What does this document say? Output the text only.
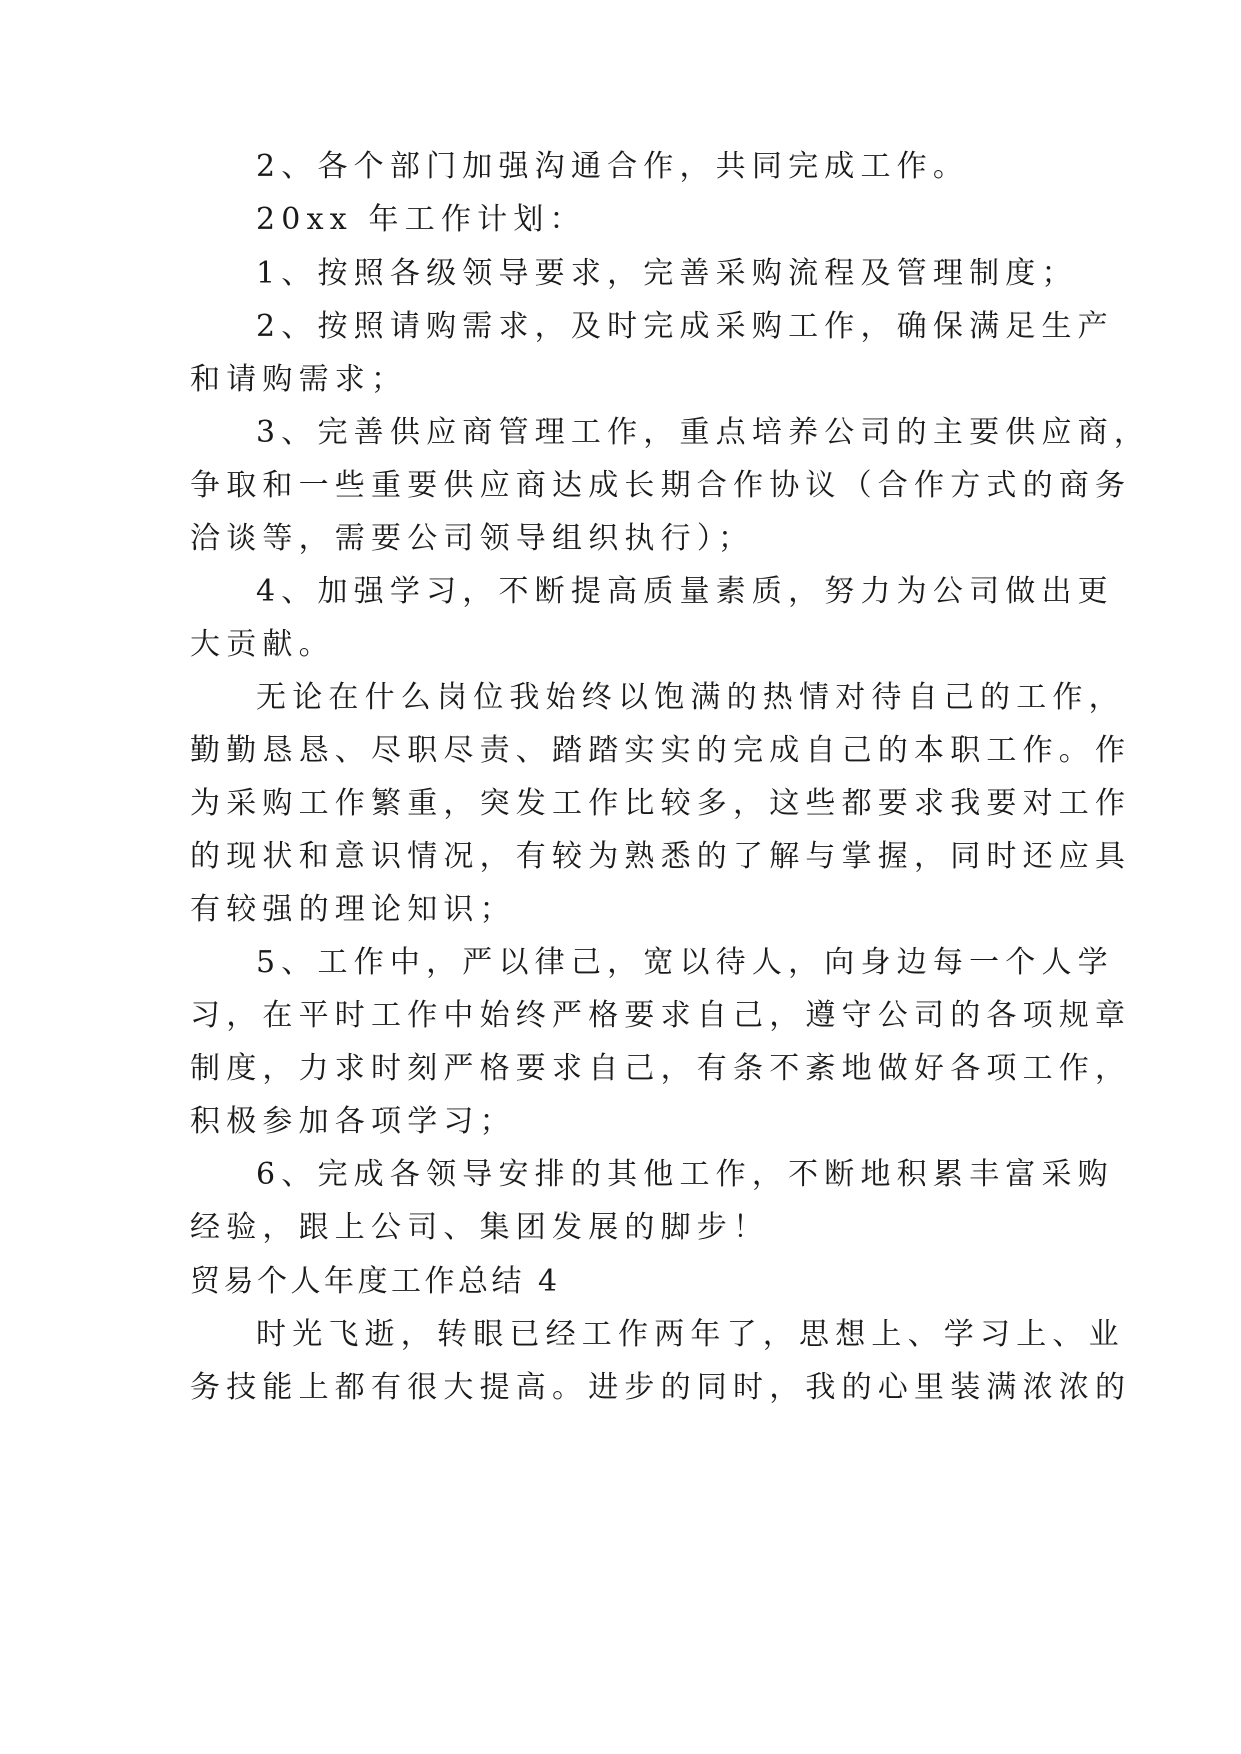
2、各个部门加强沟通合作，共同完成工作。
20xx 年工作计划：
1、按照各级领导要求，完善采购流程及管理制度；
2、按照请购需求，及时完成采购工作，确保满足生产
和请购需求；
3、完善供应商管理工作，重点培养公司的主要供应商，
争取和一些重要供应商达成长期合作协议（合作方式的商务
洽谈等，需要公司领导组织执行）；
4、加强学习，不断提高质量素质，努力为公司做出更
大贡献。
无论在什么岗位我始终以饱满的热情对待自己的工作，
勤勤恳恳、尽职尽责、踏踏实实的完成自己的本职工作。作
为采购工作繁重，突发工作比较多，这些都要求我要对工作
的现状和意识情况，有较为熟悉的了解与掌握，同时还应具
有较强的理论知识；
5、工作中，严以律己，宽以待人，向身边每一个人学
习，在平时工作中始终严格要求自己，遵守公司的各项规章
制度，力求时刻严格要求自己，有条不紊地做好各项工作，
积极参加各项学习；
6、完成各领导安排的其他工作，不断地积累丰富采购
经验，跟上公司、集团发展的脚步！
贸易个人年度工作总结 4
时光飞逝，转眼已经工作两年了，思想上、学习上、业
务技能上都有很大提高。进步的同时，我的心里装满浓浓的
